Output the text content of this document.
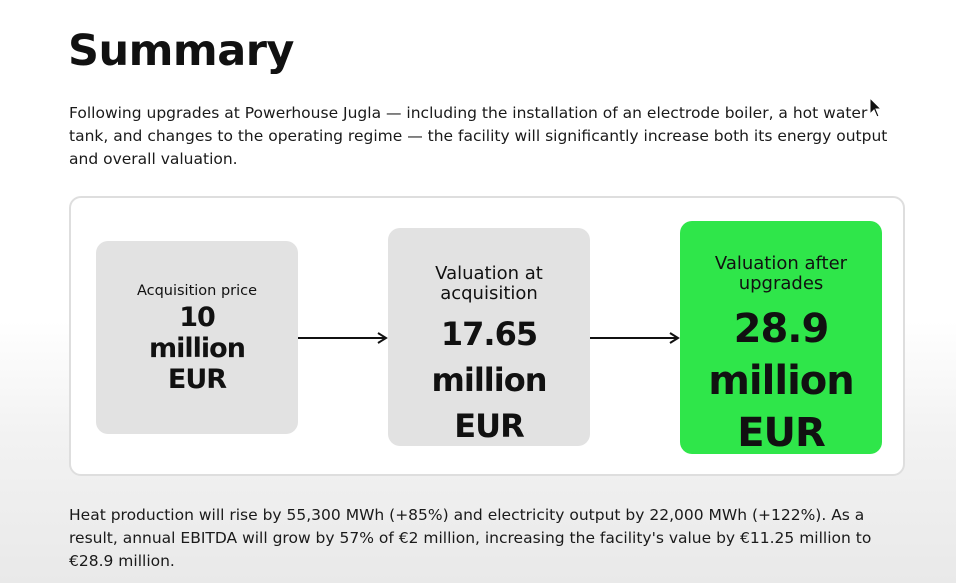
Summary
Following upgrades at Powerhouse Jugla — including the installation of an electrode boiler, a hot water tank, and changes to the operating regime — the facility will significantly increase both its energy output and overall valuation.
Acquisition price
10
million
EUR
Valuation at
acquisition
17.65
million
EUR
Valuation after
upgrades
28.9
million
EUR
Heat production will rise by 55,300 MWh (+85%) and electricity output by 22,000 MWh (+122%). As a result, annual EBITDA will grow by 57% of €2 million, increasing the facility's value by €11.25 million to €28.9 million.
